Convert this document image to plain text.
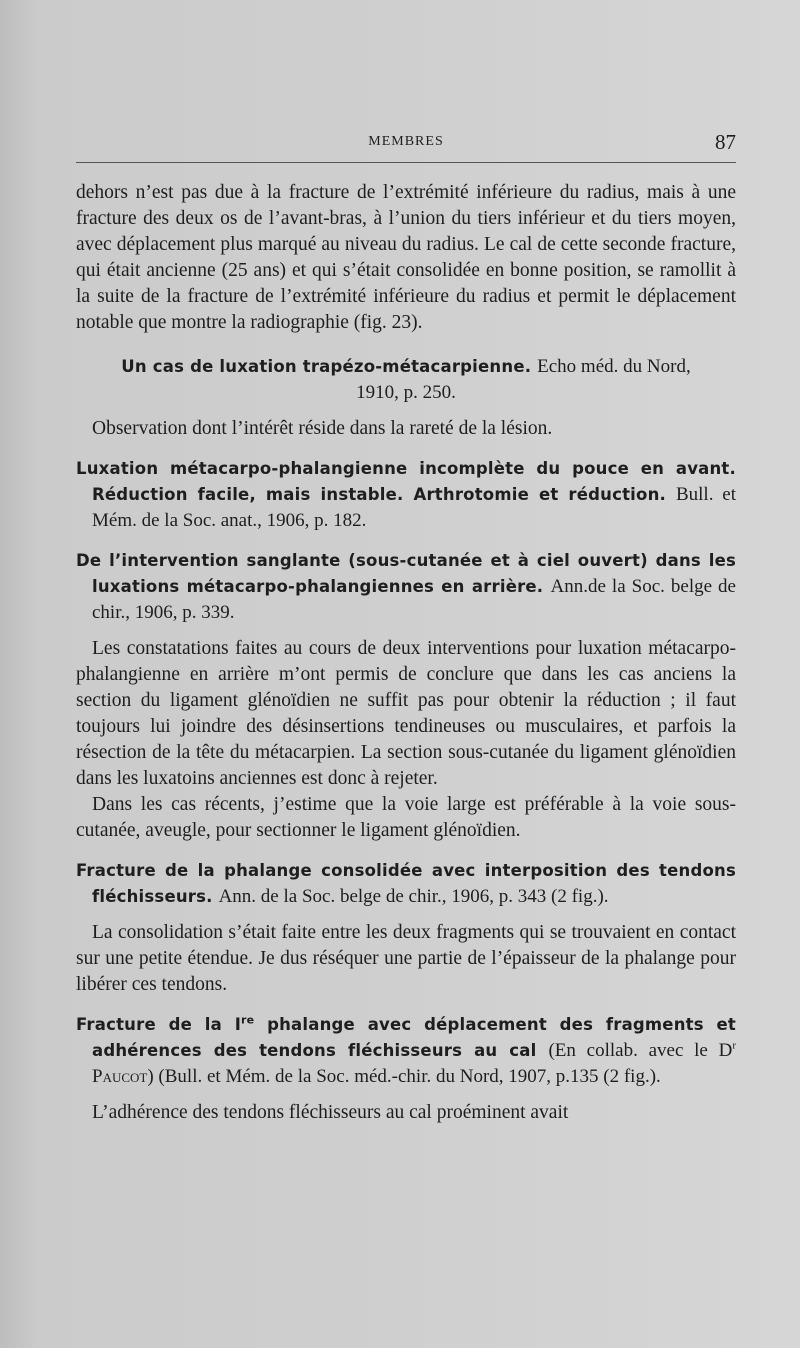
MEMBRES	87

dehors n’est pas due à la fracture de l’extrémité inférieure du radius, mais à une fracture des deux os de l’avant-bras, à l’union du tiers inférieur et du tiers moyen, avec déplacement plus marqué au niveau du radius. Le cal de cette seconde fracture, qui était ancienne (25 ans) et qui s’était consolidée en bonne position, se ramollit à la suite de la fracture de l’extrémité inférieure du radius et permit le déplacement notable que montre la radiographie (fig. 23).

Un cas de luxation trapézo-métacarpienne. Echo méd. du Nord, 1910, p. 250.

Observation dont l’intérêt réside dans la rareté de la lésion.

Luxation métacarpo-phalangienne incomplète du pouce en avant. Réduction facile, mais instable. Arthrotomie et réduction. Bull. et Mém. de la Soc. anat., 1906, p. 182.

De l’intervention sanglante (sous-cutanée et à ciel ouvert) dans les luxations métacarpo-phalangiennes en arrière. Ann.de la Soc. belge de chir., 1906, p. 339.

Les constatations faites au cours de deux interventions pour luxation métacarpo-phalangienne en arrière m’ont permis de conclure que dans les cas anciens la section du ligament glénoïdien ne suffit pas pour obtenir la réduction ; il faut toujours lui joindre des désinsertions tendineuses ou musculaires, et parfois la résection de la tête du métacarpien. La section sous-cutanée du ligament glénoïdien dans les luxatoins anciennes est donc à rejeter.

Dans les cas récents, j’estime que la voie large est préférable à la voie sous-cutanée, aveugle, pour sectionner le ligament glénoïdien.

Fracture de la phalange consolidée avec interposition des tendons fléchisseurs. Ann. de la Soc. belge de chir., 1906, p. 343 (2 fig.).

La consolidation s’était faite entre les deux fragments qui se trouvaient en contact sur une petite étendue. Je dus réséquer une partie de l’épaisseur de la phalange pour libérer ces tendons.

Fracture de la Ire phalange avec déplacement des fragments et adhérences des tendons fléchisseurs au cal (En collab. avec le $D^r$ Paucot) (Bull. et Mém. de la Soc. méd.-chir. du Nord, 1907, p.135 (2 fig.).

L’adhérence des tendons fléchisseurs au cal proéminent avait
